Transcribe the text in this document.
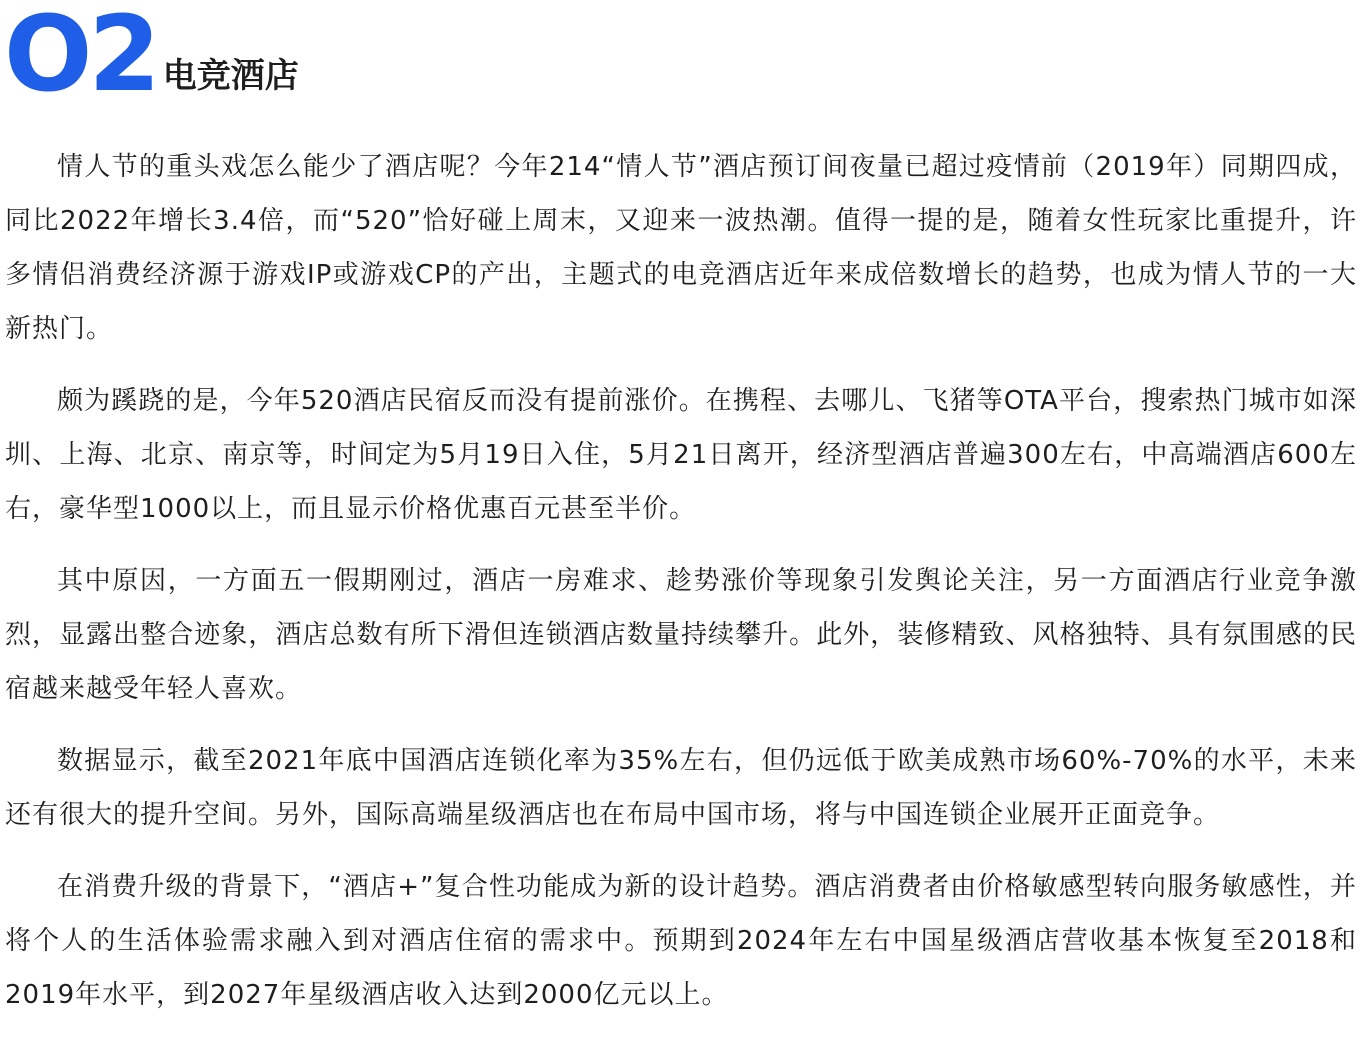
O2 电竞酒店

情人节的重头戏怎么能少了酒店呢？今年214“情人节”酒店预订间夜量已超过疫情前（2019年）同期四成，同比2022年增长3.4倍，而“520”恰好碰上周末，又迎来一波热潮。值得一提的是，随着女性玩家比重提升，许多情侣消费经济源于游戏IP或游戏CP的产出，主题式的电竞酒店近年来成倍数增长的趋势，也成为情人节的一大新热门。

颇为蹊跷的是，今年520酒店民宿反而没有提前涨价。在携程、去哪儿、飞猪等OTA平台，搜索热门城市如深圳、上海、北京、南京等，时间定为5月19日入住，5月21日离开，经济型酒店普遍300左右，中高端酒店600左右，豪华型1000以上，而且显示价格优惠百元甚至半价。

其中原因，一方面五一假期刚过，酒店一房难求、趁势涨价等现象引发舆论关注，另一方面酒店行业竞争激烈，显露出整合迹象，酒店总数有所下滑但连锁酒店数量持续攀升。此外，装修精致、风格独特、具有氛围感的民宿越来越受年轻人喜欢。

数据显示，截至2021年底中国酒店连锁化率为35%左右，但仍远低于欧美成熟市场60%-70%的水平，未来还有很大的提升空间。另外，国际高端星级酒店也在布局中国市场，将与中国连锁企业展开正面竞争。

在消费升级的背景下，“酒店+”复合性功能成为新的设计趋势。酒店消费者由价格敏感型转向服务敏感性，并将个人的生活体验需求融入到对酒店住宿的需求中。预期到2024年左右中国星级酒店营收基本恢复至2018和2019年水平，到2027年星级酒店收入达到2000亿元以上。
